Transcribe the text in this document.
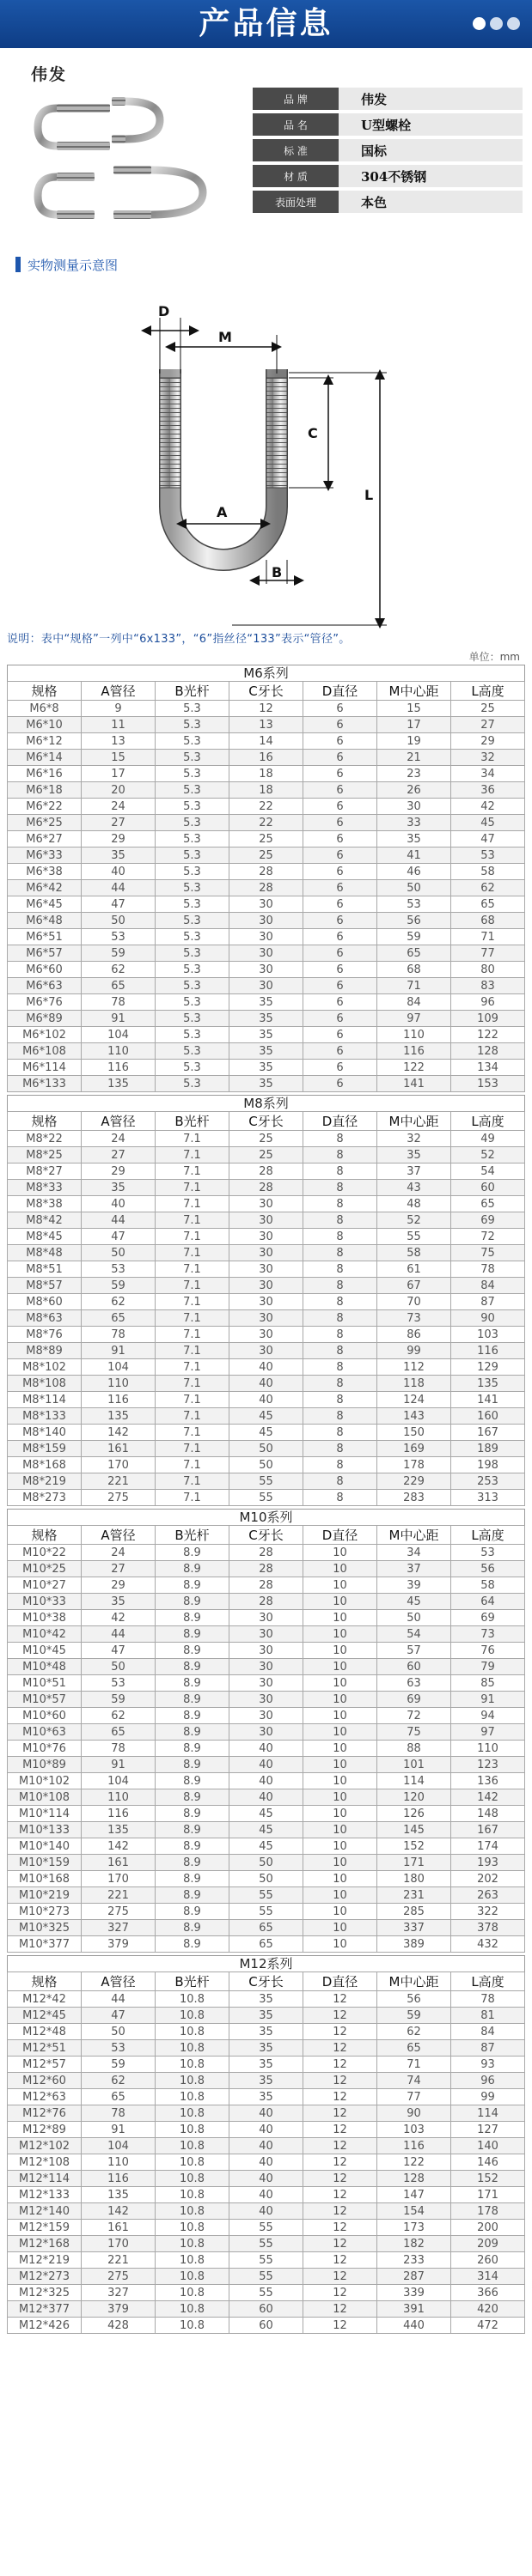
产品信息
伟发
品 牌	伟发
品 名	U型螺栓
标 准	国标
材 质	304不锈钢
表面处理	本色
实物测量示意图
D
M
A
B
C
L
说明：表中“规格”一列中“6x133”，“6”指丝径“133”表示“管径”。
单位：mm
M6系列
规格	A管径	B光杆	C牙长	D直径	M中心距	L高度
M6*8	9	5.3	12	6	15	25
M6*10	11	5.3	13	6	17	27
M6*12	13	5.3	14	6	19	29
M6*14	15	5.3	16	6	21	32
M6*16	17	5.3	18	6	23	34
M6*18	20	5.3	18	6	26	36
M6*22	24	5.3	22	6	30	42
M6*25	27	5.3	22	6	33	45
M6*27	29	5.3	25	6	35	47
M6*33	35	5.3	25	6	41	53
M6*38	40	5.3	28	6	46	58
M6*42	44	5.3	28	6	50	62
M6*45	47	5.3	30	6	53	65
M6*48	50	5.3	30	6	56	68
M6*51	53	5.3	30	6	59	71
M6*57	59	5.3	30	6	65	77
M6*60	62	5.3	30	6	68	80
M6*63	65	5.3	30	6	71	83
M6*76	78	5.3	35	6	84	96
M6*89	91	5.3	35	6	97	109
M6*102	104	5.3	35	6	110	122
M6*108	110	5.3	35	6	116	128
M6*114	116	5.3	35	6	122	134
M6*133	135	5.3	35	6	141	153
M8系列
规格	A管径	B光杆	C牙长	D直径	M中心距	L高度
M8*22	24	7.1	25	8	32	49
M8*25	27	7.1	25	8	35	52
M8*27	29	7.1	28	8	37	54
M8*33	35	7.1	28	8	43	60
M8*38	40	7.1	30	8	48	65
M8*42	44	7.1	30	8	52	69
M8*45	47	7.1	30	8	55	72
M8*48	50	7.1	30	8	58	75
M8*51	53	7.1	30	8	61	78
M8*57	59	7.1	30	8	67	84
M8*60	62	7.1	30	8	70	87
M8*63	65	7.1	30	8	73	90
M8*76	78	7.1	30	8	86	103
M8*89	91	7.1	30	8	99	116
M8*102	104	7.1	40	8	112	129
M8*108	110	7.1	40	8	118	135
M8*114	116	7.1	40	8	124	141
M8*133	135	7.1	45	8	143	160
M8*140	142	7.1	45	8	150	167
M8*159	161	7.1	50	8	169	189
M8*168	170	7.1	50	8	178	198
M8*219	221	7.1	55	8	229	253
M8*273	275	7.1	55	8	283	313
M10系列
规格	A管径	B光杆	C牙长	D直径	M中心距	L高度
M10*22	24	8.9	28	10	34	53
M10*25	27	8.9	28	10	37	56
M10*27	29	8.9	28	10	39	58
M10*33	35	8.9	28	10	45	64
M10*38	42	8.9	30	10	50	69
M10*42	44	8.9	30	10	54	73
M10*45	47	8.9	30	10	57	76
M10*48	50	8.9	30	10	60	79
M10*51	53	8.9	30	10	63	85
M10*57	59	8.9	30	10	69	91
M10*60	62	8.9	30	10	72	94
M10*63	65	8.9	30	10	75	97
M10*76	78	8.9	40	10	88	110
M10*89	91	8.9	40	10	101	123
M10*102	104	8.9	40	10	114	136
M10*108	110	8.9	40	10	120	142
M10*114	116	8.9	45	10	126	148
M10*133	135	8.9	45	10	145	167
M10*140	142	8.9	45	10	152	174
M10*159	161	8.9	50	10	171	193
M10*168	170	8.9	50	10	180	202
M10*219	221	8.9	55	10	231	263
M10*273	275	8.9	55	10	285	322
M10*325	327	8.9	65	10	337	378
M10*377	379	8.9	65	10	389	432
M12系列
规格	A管径	B光杆	C牙长	D直径	M中心距	L高度
M12*42	44	10.8	35	12	56	78
M12*45	47	10.8	35	12	59	81
M12*48	50	10.8	35	12	62	84
M12*51	53	10.8	35	12	65	87
M12*57	59	10.8	35	12	71	93
M12*60	62	10.8	35	12	74	96
M12*63	65	10.8	35	12	77	99
M12*76	78	10.8	40	12	90	114
M12*89	91	10.8	40	12	103	127
M12*102	104	10.8	40	12	116	140
M12*108	110	10.8	40	12	122	146
M12*114	116	10.8	40	12	128	152
M12*133	135	10.8	40	12	147	171
M12*140	142	10.8	40	12	154	178
M12*159	161	10.8	55	12	173	200
M12*168	170	10.8	55	12	182	209
M12*219	221	10.8	55	12	233	260
M12*273	275	10.8	55	12	287	314
M12*325	327	10.8	55	12	339	366
M12*377	379	10.8	60	12	391	420
M12*426	428	10.8	60	12	440	472
